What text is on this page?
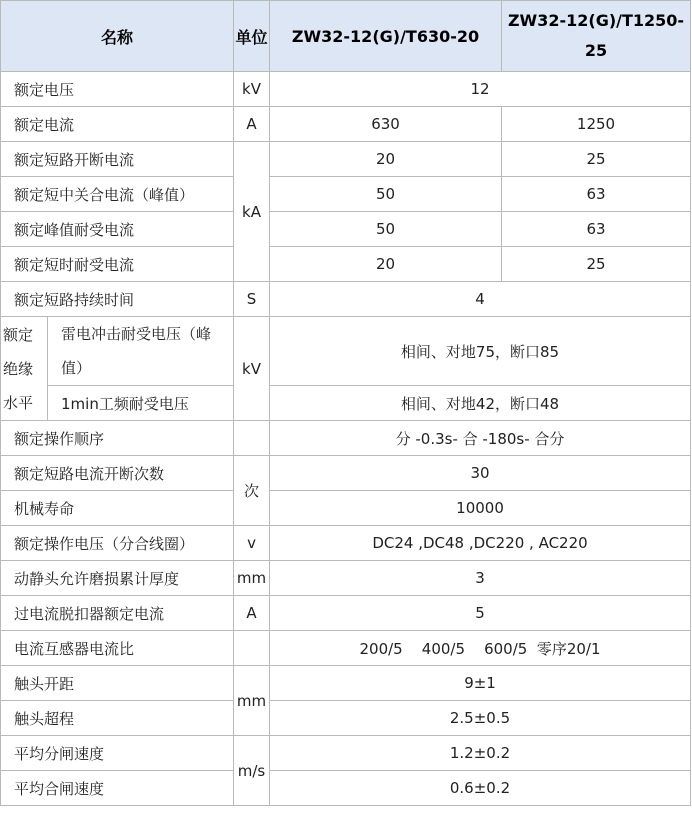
名称		单位	ZW32-12(G)/T630-20	ZW32-12(G)/T1250-25
额定电压		kV	12	
额定电流		A	630	1250
额定短路开断电流		kA	20	25
额定短中关合电流（峰值）			50	63
额定峰值耐受电流			50	63
额定短时耐受电流			20	25
额定短路持续时间		S	4	
额定绝缘水平	雷电冲击耐受电压（峰值）	kV	相间、对地75，断口85	
	1min工频耐受电压		相间、对地42，断口48	
额定操作顺序			分 -0.3s- 合 -180s- 合分	
额定短路电流开断次数		次	30	
机械寿命			10000	
额定操作电压（分合线圈）		v	DC24 ,DC48 ,DC220 , AC220	
动静头允许磨损累计厚度		mm	3	
过电流脱扣器额定电流		A	5	
电流互感器电流比			200/5    400/5    600/5  零序20/1	
触头开距		mm	9±1	
触头超程			2.5±0.5	
平均分闸速度		m/s	1.2±0.2	
平均合闸速度			0.6±0.2	
